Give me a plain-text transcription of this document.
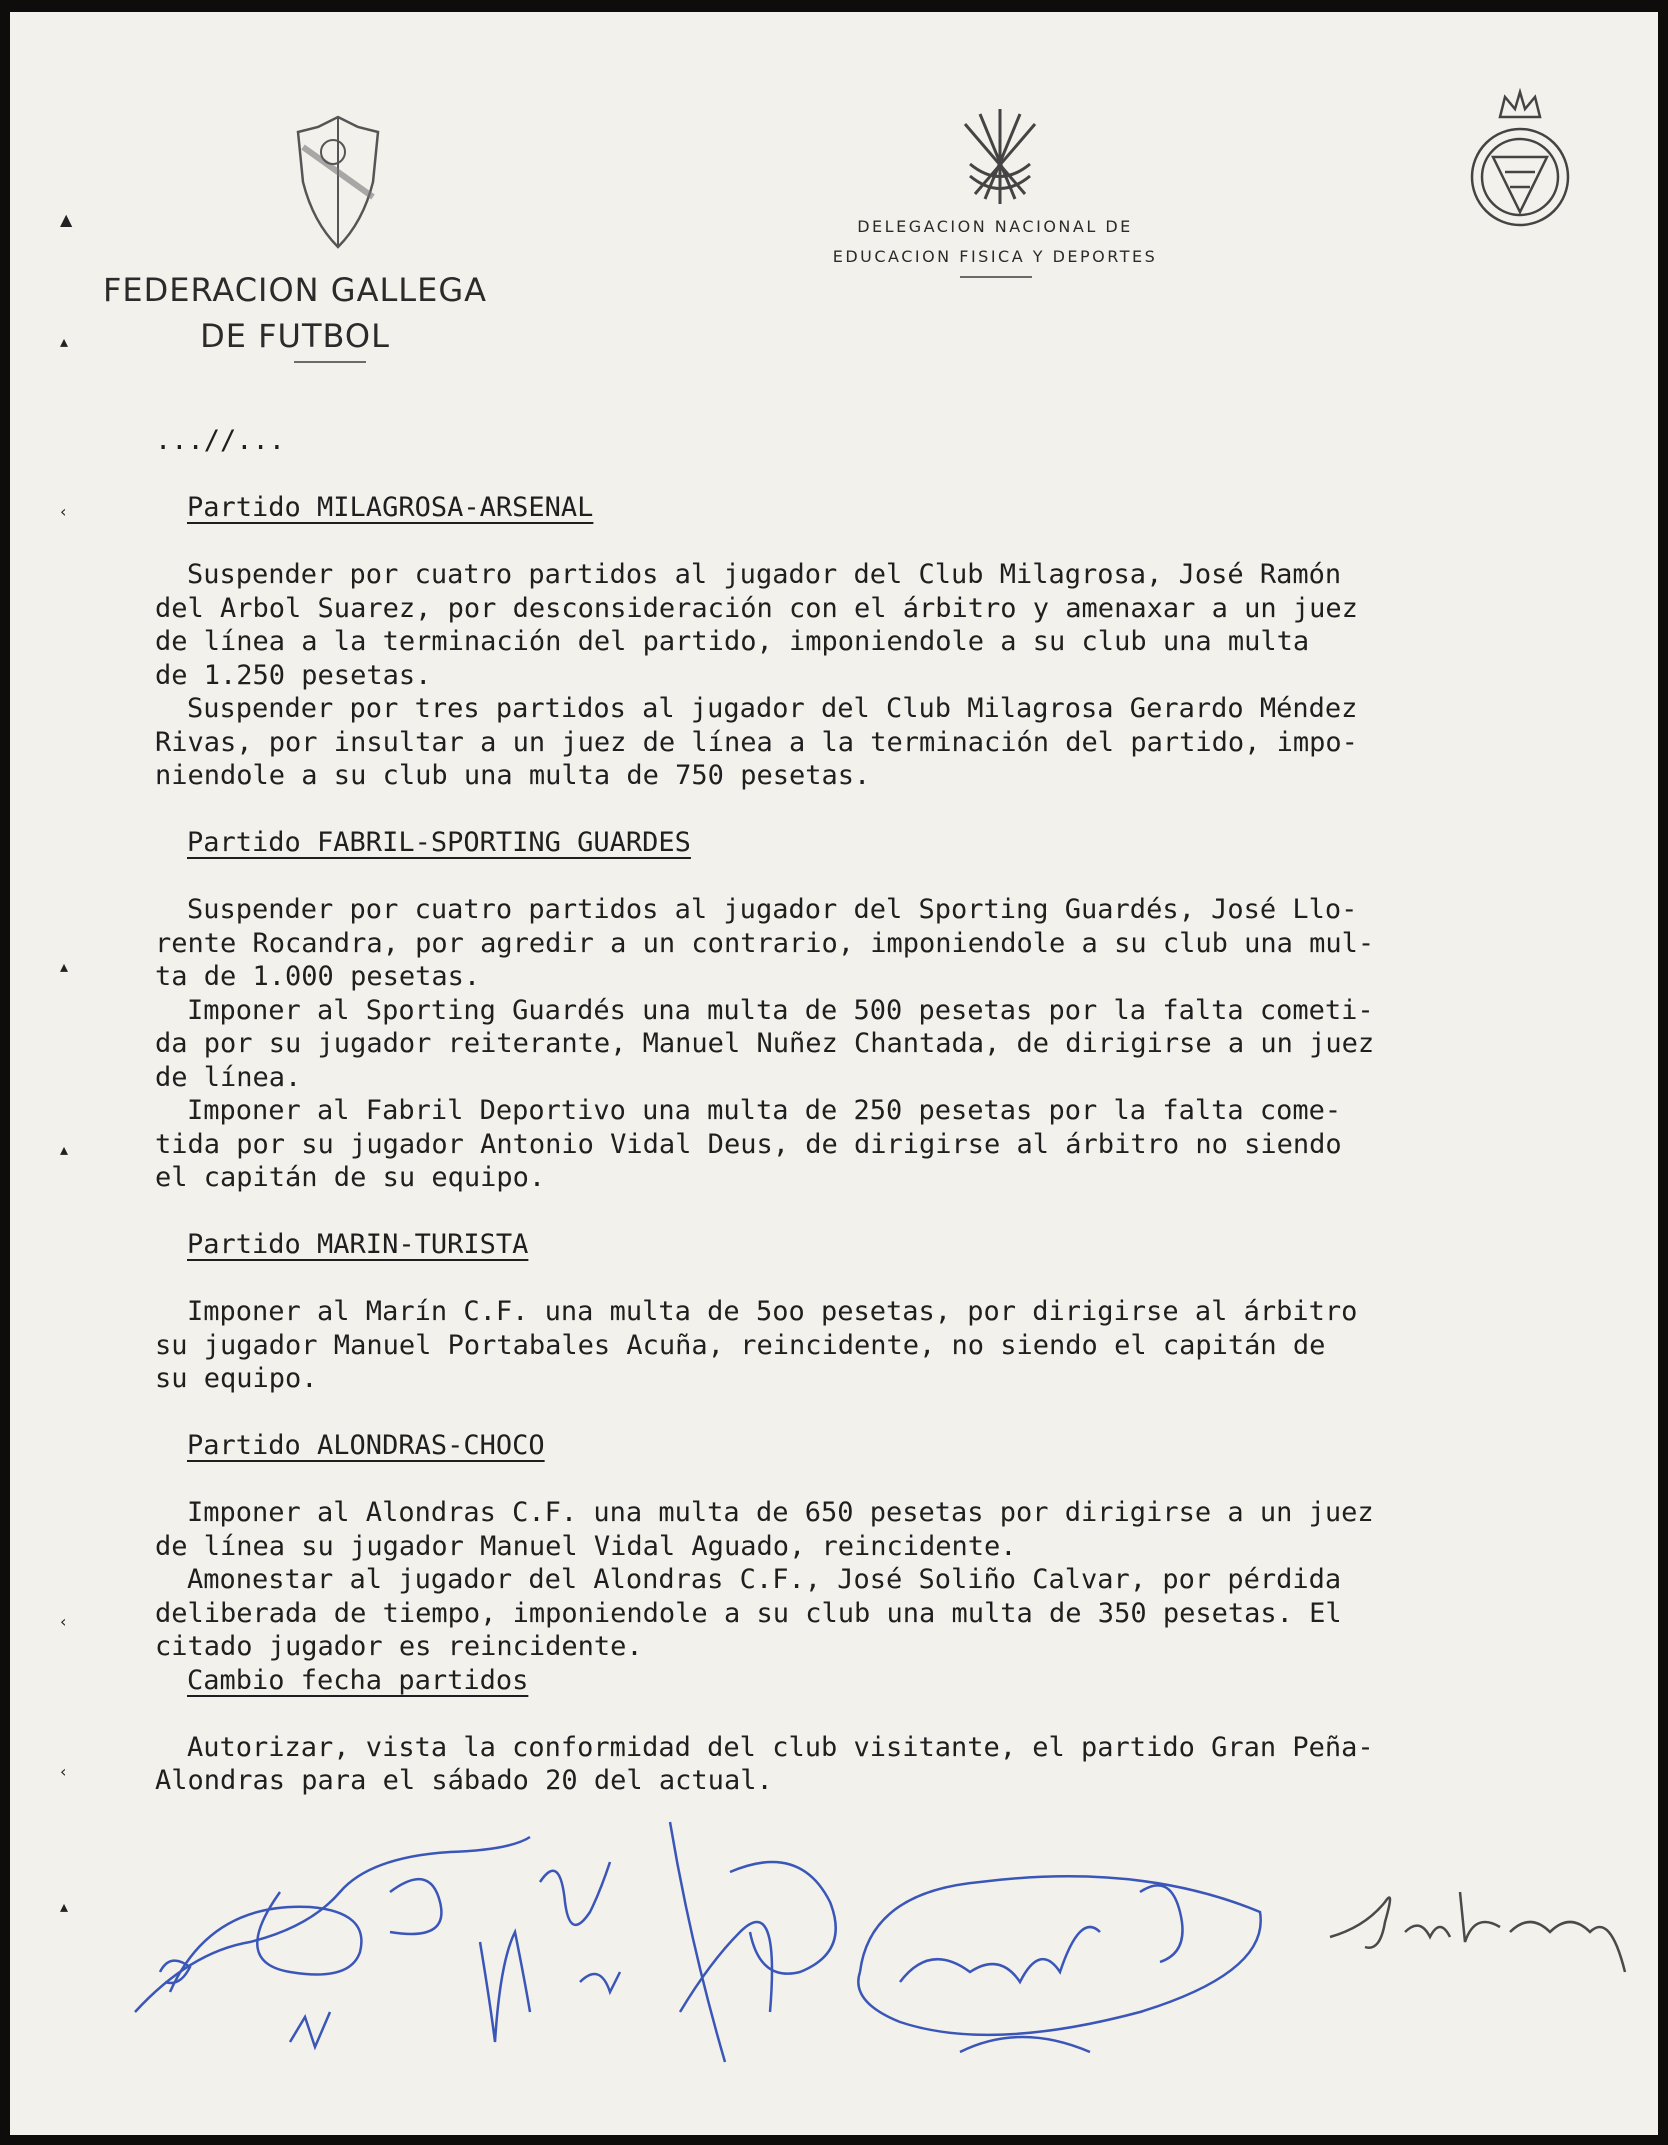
▲
▴
‹
▴
▴
‹
‹
▴
FEDERACION GALLEGA
DE FUTBOL
DELEGACION NACIONAL DE
EDUCACION FISICA Y DEPORTES
...//...
Partido MILAGROSA-ARSENAL
Suspender por cuatro partidos al jugador del Club Milagrosa, José Ramón
del Arbol Suarez, por desconsideración con el árbitro y amenaxar a un juez
de línea a la terminación del partido, imponiendole a su club una multa
de 1.250 pesetas.
Suspender por tres partidos al jugador del Club Milagrosa Gerardo Méndez
Rivas, por insultar a un juez de línea a la terminación del partido, impo-
niendole a su club una multa de 750 pesetas.
Partido FABRIL-SPORTING GUARDES
Suspender por cuatro partidos al jugador del Sporting Guardés, José Llo-
rente Rocandra, por agredir a un contrario, imponiendole a su club una mul-
ta de 1.000 pesetas.
Imponer al Sporting Guardés una multa de 500 pesetas por la falta cometi-
da por su jugador reiterante, Manuel Nuñez Chantada, de dirigirse a un juez
de línea.
Imponer al Fabril Deportivo una multa de 250 pesetas por la falta come-
tida por su jugador Antonio Vidal Deus, de dirigirse al árbitro no siendo
el capitán de su equipo.
Partido MARIN-TURISTA
Imponer al Marín C.F. una multa de 5oo pesetas, por dirigirse al árbitro
su jugador Manuel Portabales Acuña, reincidente, no siendo el capitán de
su equipo.
Partido ALONDRAS-CHOCO
Imponer al Alondras C.F. una multa de 650 pesetas por dirigirse a un juez
de línea su jugador Manuel Vidal Aguado, reincidente.
Amonestar al jugador del Alondras C.F., José Soliño Calvar, por pérdida
deliberada de tiempo, imponiendole a su club una multa de 350 pesetas. El
citado jugador es reincidente.
Cambio fecha partidos
Autorizar, vista la conformidad del club visitante, el partido Gran Peña-
Alondras para el sábado 20 del actual.
